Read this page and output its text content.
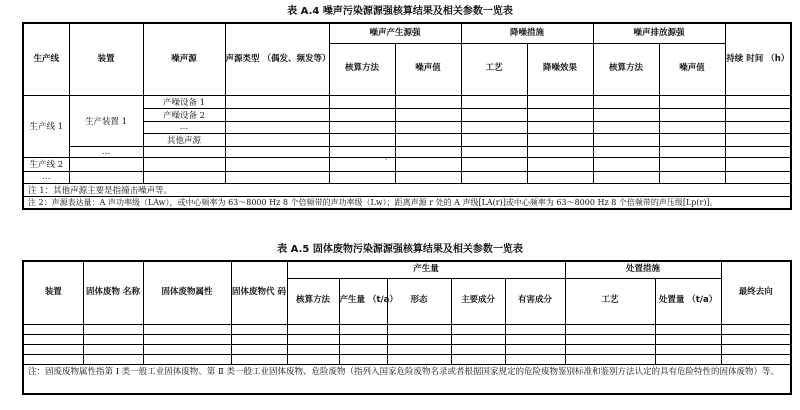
表 A.4 噪声污染源源强核算结果及相关参数一览表
生产线	装置	噪声源	声源类型 （偶发、频发等）	噪声产生源强		降噪措施		噪声排放源强		持续 时间 （h）
				核算方法	噪声值	工艺	降噪效果	核算方法	噪声值	
生产线 1	生产装置 1	产噪设备 1								
		产噪设备 2								
		…								
		其他声源								
	…									
生产线 2				`						
…										
注 1：其他声源主要是指撞击噪声等。										
注 2：声源表达量：A 声功率级（LAw），或中心频率为 63～8000 Hz 8 个倍频带的声功率级（Lw）；距离声源 r 处的 A 声级[LA(r)]或中心频率为 63～8000 Hz 8 个倍频带的声压级[Lp(r)]。										
表 A.5 固体废物污染源源强核算结果及相关参数一览表
装置	固体废物 名称	固体废物属性	固体废物代 码	产生量					处置措施		最终去向
				核算方法	产生量 （t/a）	形态	主要成分	有害成分	工艺	处置量 （t/a）	

注：固废废物属性指第 Ⅰ 类一般工业固体废物、第 Ⅱ 类一般工业固体废物、危险废物（指列入国家危险废物名录或者根据国家规定的危险废物鉴别标准和鉴别方法认定的具有危险特性的固体废物）等。											
